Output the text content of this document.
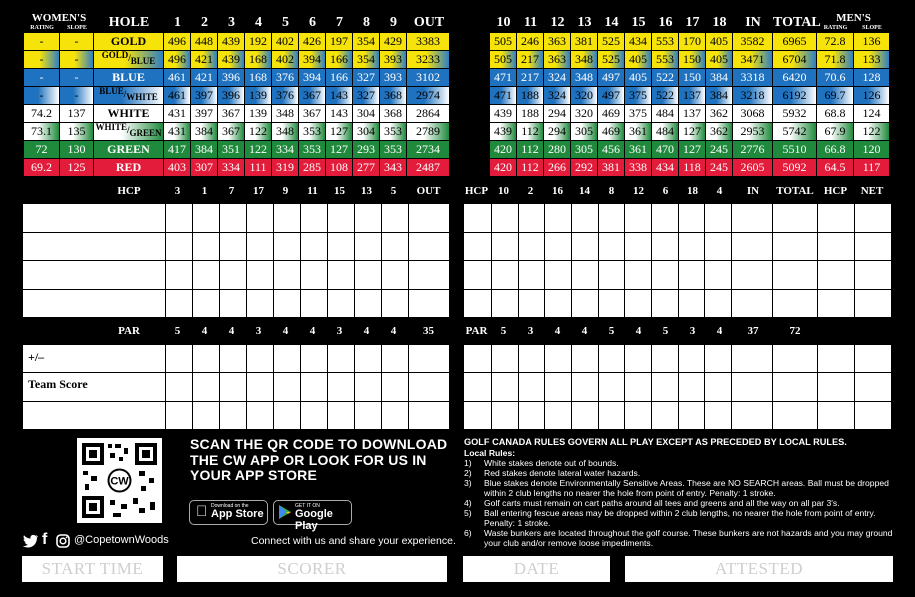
WOMEN'S
RATING	SLOPE	HOLE	1	2	3	4	5	6	7	8	9	OUT	10 11 12 13 14 15 16 17 18	IN TOTAL	MEN'S
RATING	SLOPE
-	-	GOLD	496 448 439 192 402 426 197 354 429	3383	505 246 363 381 525 434 553 170 405	3582	6965	72.8	136
-	-	GOLD/BLUE	496 421 439 168 402 394 166 354 393	3233	505 217 363 348 525 405 553 150 405	3471	6704	71.8	133
-	-	BLUE	461 421 396 168 376 394 166 327 393	3102	471 217 324 348 497 405 522 150 384	3318	6420	70.6	128
-	-	BLUE/WHITE 461 397 396 139 376 367 143 327 368	2974	471 188 324 320 497 375 522 137 384	3218	6192	69.7	126
74.2	137	WHITE	431 397 367 139 348 367 143 304 368	2864	439 188 294 320 469 375 484 137 362	3068	5932	68.8	124
73.1	135	WHITE/GREEN 431 384 367 122 348 353 127 304 353	2789	439 112 294 305 469 361 484 127 362	2953	5742	67.9	122
72	130	GREEN	417 384 351 122 334 353 127 293 353	2734	420 112 280 305 456 361 470 127 245	2776	5510	66.8	120
69.2	125	RED	403 307 334 111 319 285 108 277 343	2487	420 112 266 292 381 338 434 118 245	2605	5092	64.5	117
HCP	3	1	7	17	9	11	15	13	5	OUT	HCP 10	2	16	14	8	12	6	18	4	IN	TOTAL HCP	NET

PAR	5	4	4	3	4	4	3	4	4	35	PAR	5	3	4	4	5	4	5	3	4	37	72

+/–
Team Score
CW
SCAN THE QR CODE TO DOWNLOAD
THE CW APP OR LOOK FOR US IN
YOUR APP STORE
Download on the
App Store
GET IT ON
Google Play
f @CopetownWoods	Connect with us and share your experience.
GOLF CANADA RULES GOVERN ALL PLAY EXCEPT AS PRECEDED BY LOCAL RULES.
Local Rules:
1)	White stakes denote out of bounds.
2)	Red stakes denote lateral water hazards.
3)	Blue stakes denote Environmentally Sensitive Areas. These are NO SEARCH areas. Ball must be dropped within 2 club lengths no nearer the hole from point of entry. Penalty: 1 stroke.
4)	Golf carts must remain on cart paths around all tees and greens and all the way on all par 3's.
5)	Ball entering fescue areas may be dropped within 2 club lengths, no nearer the hole from point of entry. Penalty: 1 stroke.
6)	Waste bunkers are located throughout the golf course. These bunkers are not hazards and you may ground your club and/or remove loose impediments.
START TIME	SCORER	DATE	ATTESTED
